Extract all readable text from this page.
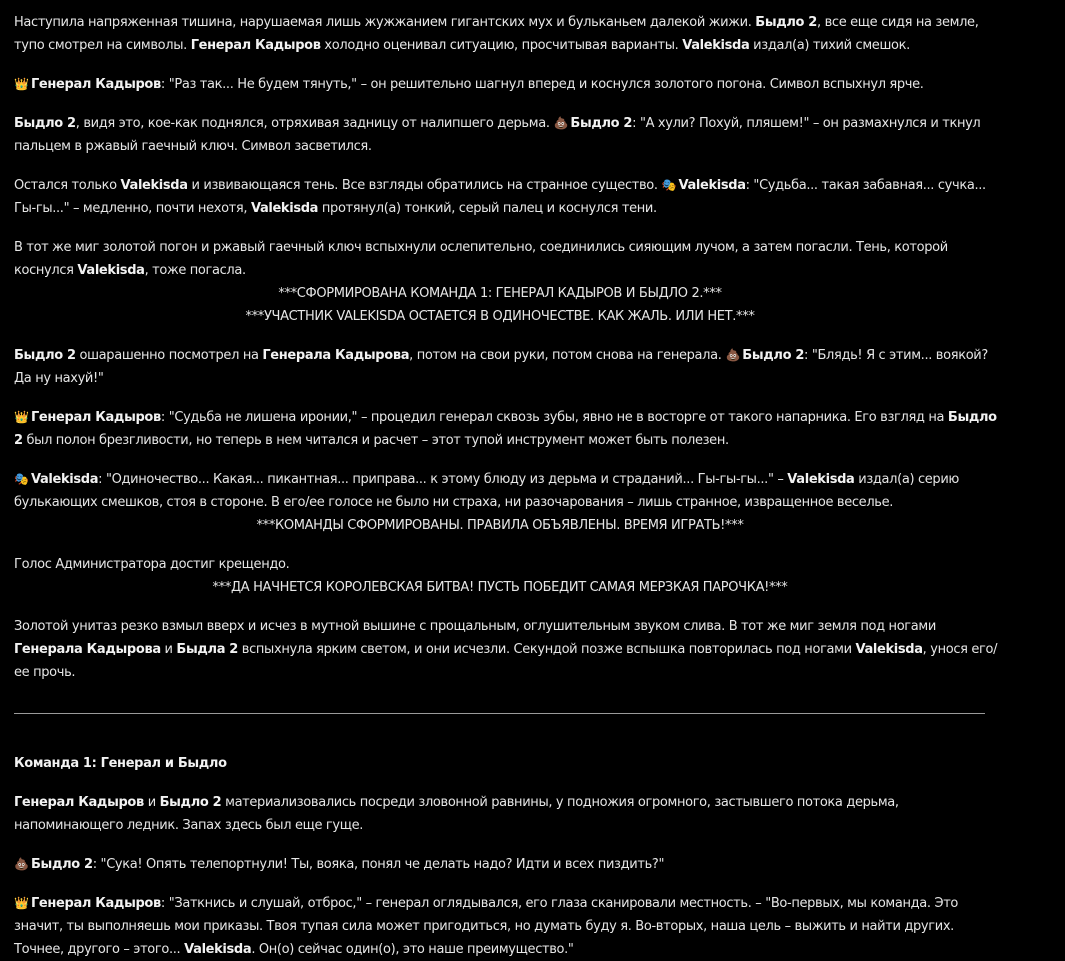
Наступила напряженная тишина, нарушаемая лишь жужжанием гигантских мух и бульканьем далекой жижи. Быдло 2, все еще сидя на земле, тупо смотрел на символы. Генерал Кадыров холодно оценивал ситуацию, просчитывая варианты. Valekisda издал(а) тихий смешок.

👑 Генерал Кадыров: "Раз так... Не будем тянуть," – он решительно шагнул вперед и коснулся золотого погона. Символ вспыхнул ярче.

Быдло 2, видя это, кое-как поднялся, отряхивая задницу от налипшего дерьма. 💩 Быдло 2: "А хули? Похуй, пляшем!" – он размахнулся и ткнул пальцем в ржавый гаечный ключ. Символ засветился.

Остался только Valekisda и извивающаяся тень. Все взгляды обратились на странное существо. 🎭 Valekisda: "Судьба... такая забавная... сучка... Гы-гы..." – медленно, почти нехотя, Valekisda протянул(а) тонкий, серый палец и коснулся тени.

В тот же миг золотой погон и ржавый гаечный ключ вспыхнули ослепительно, соединились сияющим лучом, а затем погасли. Тень, которой коснулся Valekisda, тоже погасла.

***СФОРМИРОВАНА КОМАНДА 1: ГЕНЕРАЛ КАДЫРОВ И БЫДЛО 2.***

***УЧАСТНИК VALEKISDA ОСТАЕТСЯ В ОДИНОЧЕСТВЕ. КАК ЖАЛЬ. ИЛИ НЕТ.***

Быдло 2 ошарашенно посмотрел на Генерала Кадырова, потом на свои руки, потом снова на генерала. 💩 Быдло 2: "Блядь! Я с этим... воякой? Да ну нахуй!"

👑 Генерал Кадыров: "Судьба не лишена иронии," – процедил генерал сквозь зубы, явно не в восторге от такого напарника. Его взгляд на Быдло 2 был полон брезгливости, но теперь в нем читался и расчет – этот тупой инструмент может быть полезен.

🎭 Valekisda: "Одиночество... Какая... пикантная... приправа... к этому блюду из дерьма и страданий... Гы-гы-гы..." – Valekisda издал(а) серию булькающих смешков, стоя в стороне. В его/ее голосе не было ни страха, ни разочарования – лишь странное, извращенное веселье.

***КОМАНДЫ СФОРМИРОВАНЫ. ПРАВИЛА ОБЪЯВЛЕНЫ. ВРЕМЯ ИГРАТЬ!***

Голос Администратора достиг крещендо.

***ДА НАЧНЕТСЯ КОРОЛЕВСКАЯ БИТВА! ПУСТЬ ПОБЕДИТ САМАЯ МЕРЗКАЯ ПАРОЧКА!***

Золотой унитаз резко взмыл вверх и исчез в мутной вышине с прощальным, оглушительным звуком слива. В тот же миг земля под ногами Генерала Кадырова и Быдла 2 вспыхнула ярким светом, и они исчезли. Секундой позже вспышка повторилась под ногами Valekisda, унося его/ее прочь.

Команда 1: Генерал и Быдло

Генерал Кадыров и Быдло 2 материализовались посреди зловонной равнины, у подножия огромного, застывшего потока дерьма, напоминающего ледник. Запах здесь был еще гуще.

💩 Быдло 2: "Сука! Опять телепортнули! Ты, вояка, понял че делать надо? Идти и всех пиздить?"

👑 Генерал Кадыров: "Заткнись и слушай, отброс," – генерал оглядывался, его глаза сканировали местность. – "Во-первых, мы команда. Это значит, ты выполняешь мои приказы. Твоя тупая сила может пригодиться, но думать буду я. Во-вторых, наша цель – выжить и найти других. Точнее, другого – этого... Valekisda. Он(о) сейчас один(о), это наше преимущество."
